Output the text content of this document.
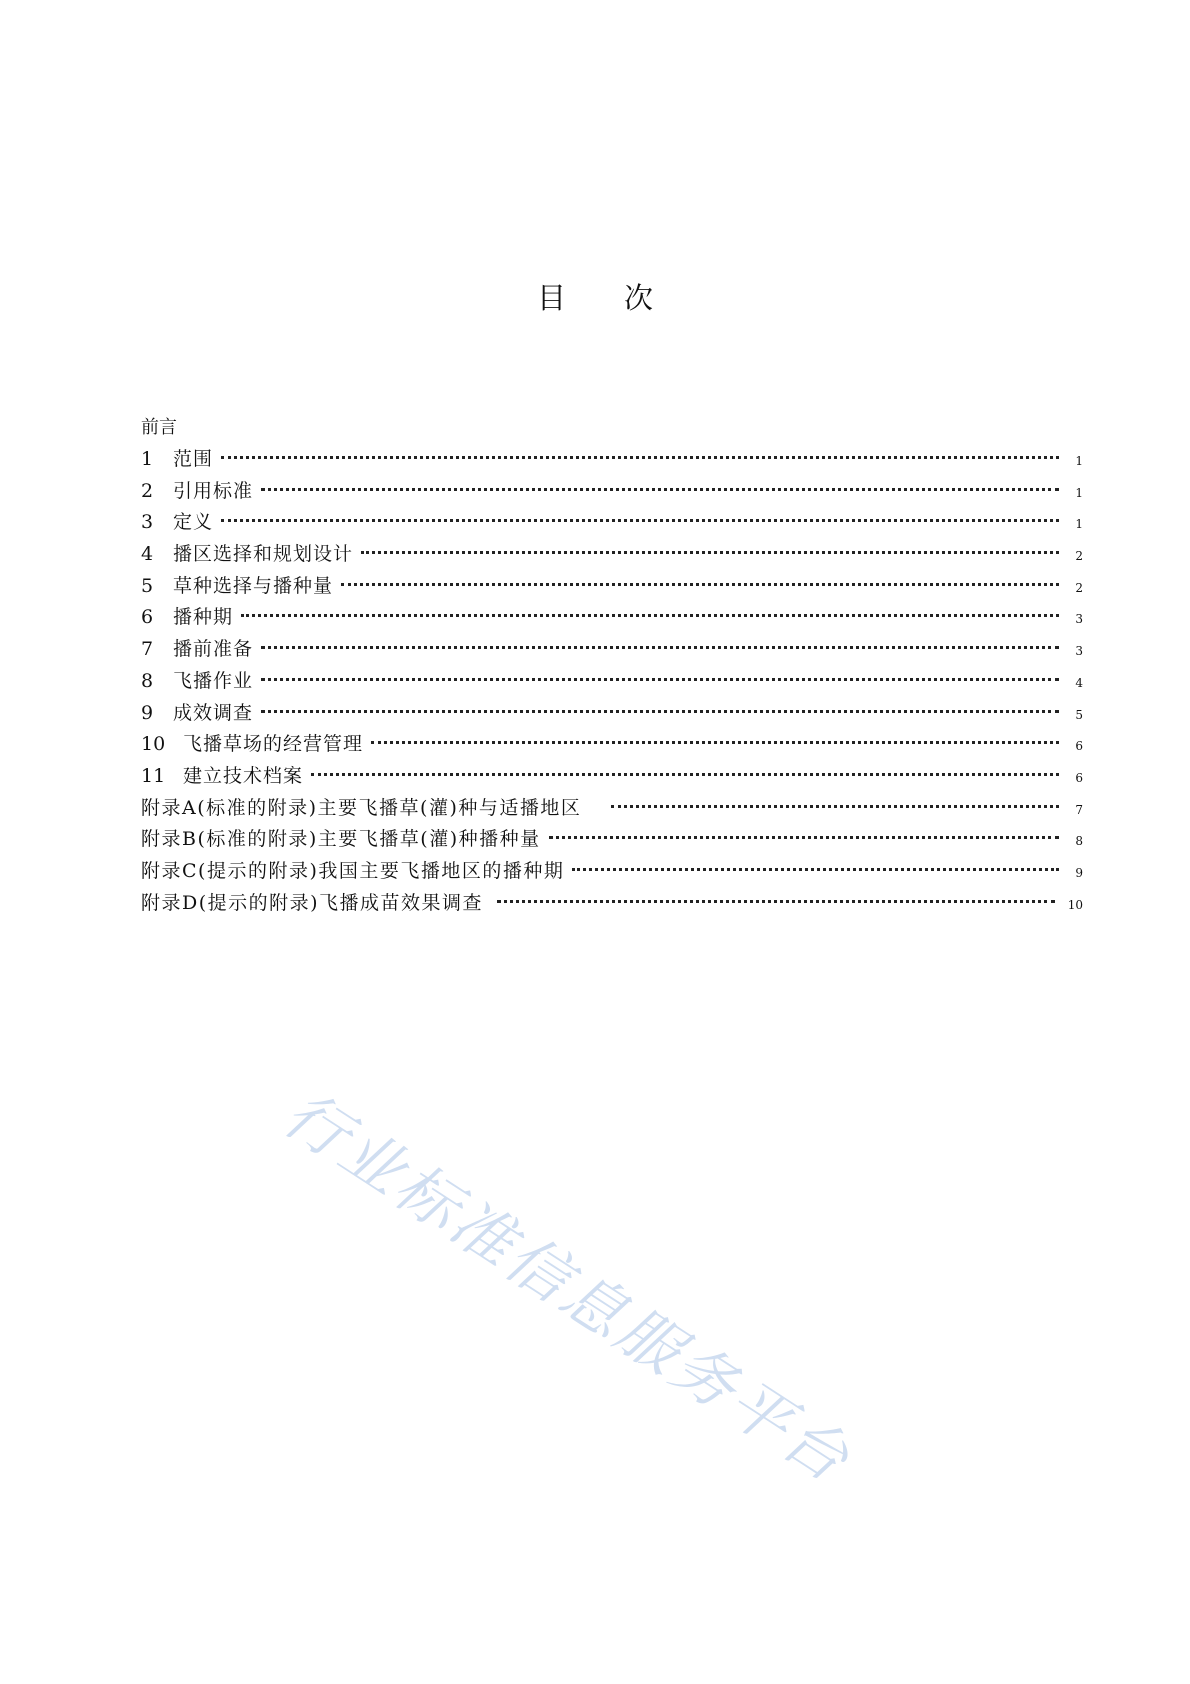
目 次
前言
1	范围	1
2	引用标准	1
3	定义	1
4	播区选择和规划设计	2
5	草种选择与播种量	2
6	播种期	3
7	播前准备	3
8	飞播作业	4
9	成效调查	5
10 飞播草场的经营管理	6
11 建立技术档案	6
附录A(标准的附录)主要飞播草(灌)种与适播地区	7
附录B(标准的附录)主要飞播草(灌)种播种量	8
附录C(提示的附录)我国主要飞播地区的播种期	9
附录D(提示的附录)飞播成苗效果调查	10
行业标准信息服务平台
